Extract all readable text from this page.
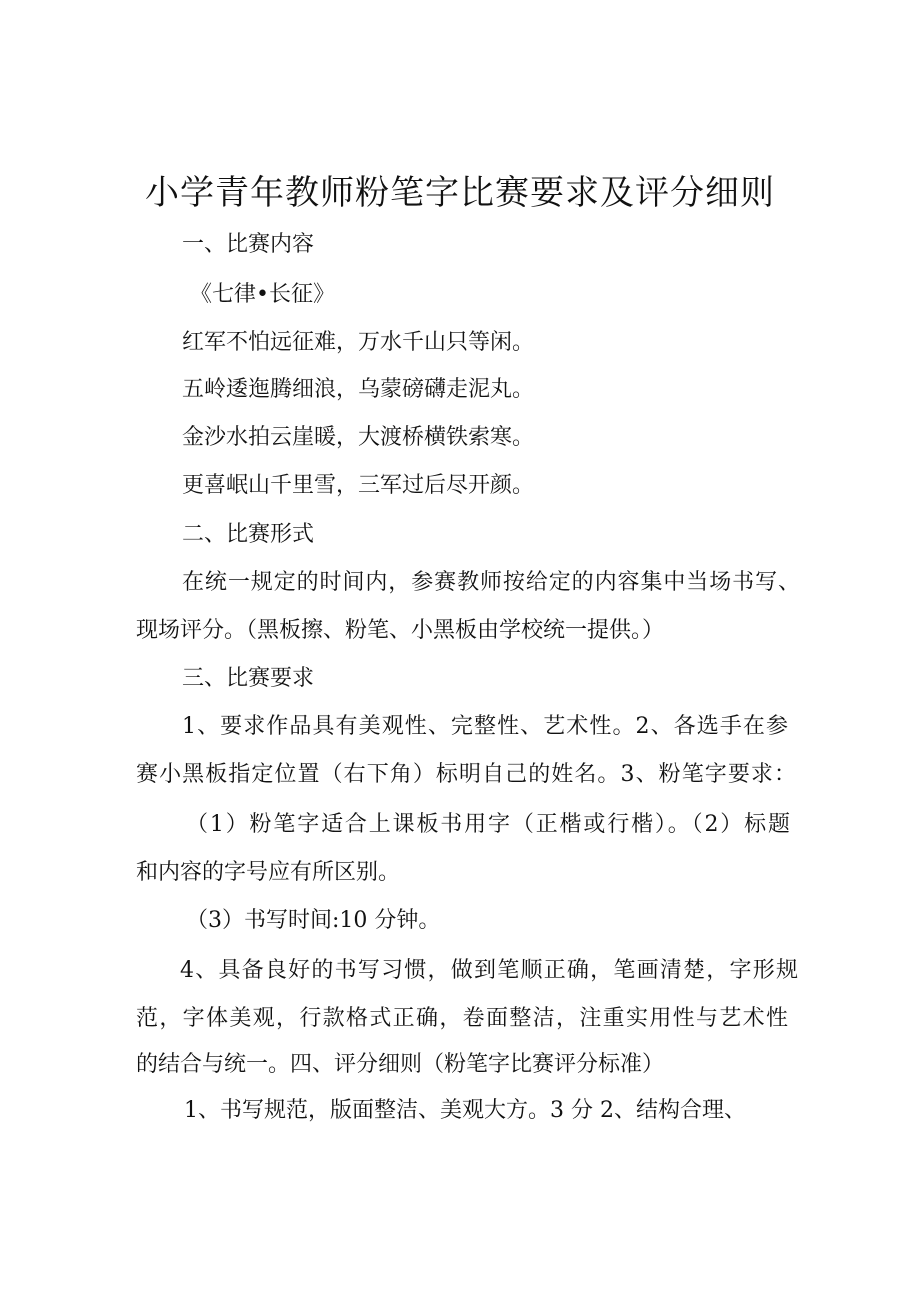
小学青年教师粉笔字比赛要求及评分细则
一、比赛内容
《七律•长征》
红军不怕远征难，万水千山只等闲。
五岭逶迤腾细浪，乌蒙磅礴走泥丸。
金沙水拍云崖暖，大渡桥横铁索寒。
更喜岷山千里雪，三军过后尽开颜。
二、比赛形式
在统一规定的时间内，参赛教师按给定的内容集中当场书写、
现场评分。（黑板擦、粉笔、小黑板由学校统一提供。）
三、比赛要求
1、要求作品具有美观性、完整性、艺术性。2、各选手在参
赛小黑板指定位置（右下角）标明自己的姓名。3、粉笔字要求：
（1）粉笔字适合上课板书用字（正楷或行楷）。（2）标题
和内容的字号应有所区别。
（3）书写时间:10 分钟。
4、具备良好的书写习惯，做到笔顺正确，笔画清楚，字形规
范，字体美观，行款格式正确，卷面整洁，注重实用性与艺术性
的结合与统一。四、评分细则（粉笔字比赛评分标准）
1、书写规范，版面整洁、美观大方。3 分 2、结构合理、
